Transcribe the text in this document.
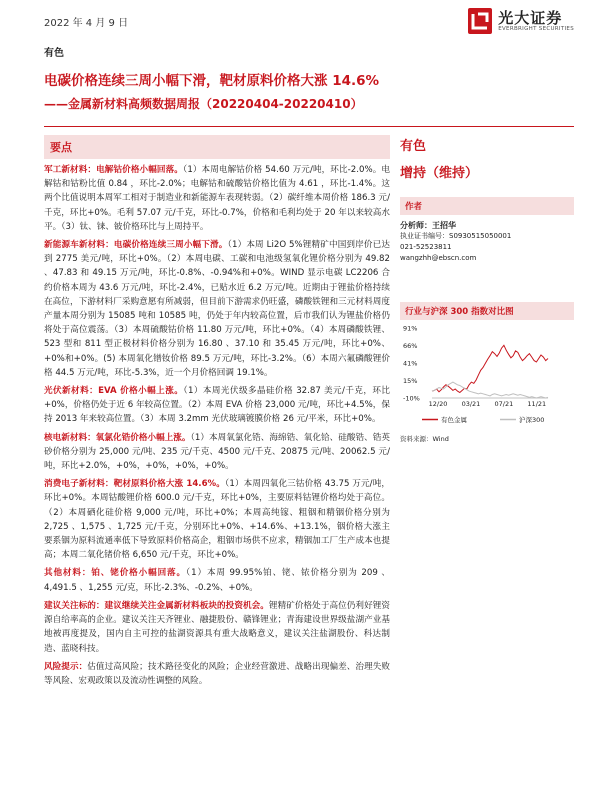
2022 年 4 月 9 日	光大证券
EVERBRIGHT SECURITIES
有色
电碳价格连续三周小幅下滑，靶材原料价格大涨 14.6%
——金属新材料高频数据周报（20220404-20220410）
要点

军工新材料：电解钴价格小幅回落。（1）本周电解钴价格 54.60 万元/吨，环比-2.0%。电解钴和钴粉比值 0.84 ，环比-2.0%；电解钴和硫酸钴价格比值为 4.61 ，环比-1.4%。这两个比值说明本周军工相对于制造业和新能源车表现转弱。（2）碳纤维本周价格 186.3 元/千克，环比+0%。毛利 57.07 元/千克，环比-0.7%，价格和毛利均处于 20 年以来较高水平。（3）钛、铼、铍价格环比与上周持平。

新能源车新材料：电碳价格连续三周小幅下滑。（1）本周 Li2O 5%锂精矿中国到岸价已达到 2775 美元/吨，环比+0%。（2）本周电碳、工碳和电池级氢氧化锂价格分别为 49.82 、47.83 和 49.15 万元/吨，环比-0.8%、-0.94%和+0%。WIND 显示电碳 LC2206 合约价格本周为 43.6 万元/吨，环比-2.4%，已贴水近 6.2 万元/吨。近期由于锂盐价格持续在高位，下游材料厂采购意愿有所减弱，但目前下游需求仍旺盛，磷酸铁锂和三元材料周度产量本周分别为 15085 吨和 10585 吨，仍处于年内较高位置，后市我们认为锂盐价格仍将处于高位震荡。（3）本周硫酸钴价格 11.80 万元/吨，环比+0%。（4）本周磷酸铁锂、523 型和 811 型正极材料价格分别为 16.80 、37.10 和 35.45 万元/吨，环比+0%、+0%和+0%。(5) 本周氧化镨钕价格 89.5 万元/吨，环比-3.2%。（6）本周六氟磷酸锂价格 44.5 万元/吨，环比-5.3%，近一个月价格回调 19.1%。

光伏新材料：EVA 价格小幅上涨。（1）本周光伏级多晶硅价格 32.87 美元/千克，环比+0%，价格仍处于近 6 年较高位置。（2）本周 EVA 价格 23,000 元/吨，环比+4.5%，保持 2013 年来较高位置。（3）本周 3.2mm 光伏玻璃镀膜价格 26 元/平米，环比+0%。

核电新材料：氧氯化锆价格小幅上涨。（1）本周氧氯化锆、海绵锆、氧化铪、硅酸锆、锆英砂价格分别为 25,000 元/吨、235 元/千克、4500 元/千克、20875 元/吨、20062.5 元/吨，环比+2.0%，+0%，+0%，+0%，+0%。

消费电子新材料：靶材原料价格大涨 14.6%。（1）本周四氧化三钴价格 43.75 万元/吨，环比+0%。本周钴酸锂价格 600.0 元/千克，环比+0%，主要原料钴锂价格均处于高位。（2）本周硒化硅价格 9,000 元/吨，环比+0%；本周高纯镓、粗铟和精铟价格分别为 2,725 、1,575 、1,725 元/千克，分别环比+0%、+14.6%、+13.1%，铟价格大涨主要系铟为原料流通率低下导致原料价格高企，粗铟市场供不应求，精铟加工厂生产成本也提高；本周二氧化锗价格 6,650 元/千克，环比+0%。

其他材料：铂、铑价格小幅回落。（1）本周 99.95%铂、铑、铱价格分别为 209 、4,491.5 、1,255 元/克，环比-2.3%、-0.2%、+0%。

建议关注标的：建议继续关注金属新材料板块的投资机会。锂精矿价格处于高位仍利好锂资源自给率高的企业。建议关注天齐锂业、融捷股份、赣锋锂业；青海建设世界级盐湖产业基地被再度提及，国内自主可控的盐湖资源具有重大战略意义，建议关注盐湖股份、科达制造、蓝晓科技。

风险提示：估值过高风险；技术路径变化的风险；企业经营激进、战略出现偏差、治理失败等风险、宏观政策以及流动性调整的风险。

有色
增持（维持）
作者
分析师：王招华
执业证书编号：S0930515050001
021-52523811
wangzhh@ebscn.com
行业与沪深 300 指数对比图
91%
66%
41%
15%
-10%
12/20 03/21 07/21 11/21
有色金属	沪深300
资料来源：Wind
